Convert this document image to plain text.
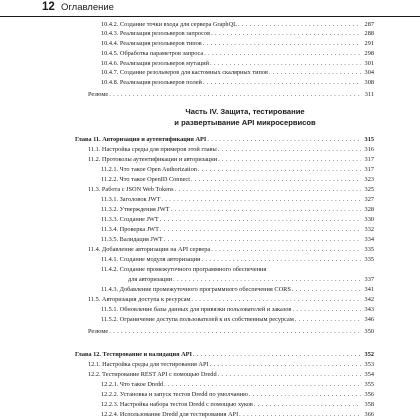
12 Оглавление
10.4.2. Создание точки входа для сервера GraphQL . . .	287
10.4.3. Реализация резольверов запросов . . .	288
10.4.4. Реализация резольверов типов . . .	291
10.4.5. Обработка параметров запроса . . .	298
10.4.6. Реализация резольверов мутаций . . .	301
10.4.7. Создание резольверов для кастомных скалярных типов . . .	304
10.4.8. Реализация резольверов полей . . .	308
Резюме . . .	311
Часть IV. Защита, тестирование
и развертывание API микросервисов
Глава 11. Авторизация и аутентификация API . . .	315
11.1. Настройка среды для примеров этой главы . . .	316
11.2. Протоколы аутентификации и авторизации . . .	317
11.2.1. Что такое Open Authorization . . .	317
11.2.2. Что такое OpenID Connect . . .	323
11.3. Работа с JSON Web Tokens . . .	325
11.3.1. Заголовок JWT . . .	327
11.3.2. Утверждения JWT . . .	328
11.3.3. Создание JWT . . .	330
11.3.4. Проверка JWT . . .	332
11.3.5. Валидация JWT . . .	334
11.4. Добавление авторизации на API сервера . . .	335
11.4.1. Создание модуля авторизации . . .	335
11.4.2. Создание промежуточного программного обеспечения
для авторизации . . .	337
11.4.3. Добавление промежуточного программного обеспечения CORS . . .	341
11.5. Авторизация доступа к ресурсам . . .	342
11.5.1. Обновление базы данных для привязки пользователей и заказов . . .	343
11.5.2. Ограничение доступа пользователей к их собственным ресурсам . . .	346
Резюме . . .	350
Глава 12. Тестирование и валидация API . . .	352
12.1. Настройка среды для тестирования API . . .	353
12.2. Тестирование REST API с помощью Dredd . . .	354
12.2.1. Что такое Dredd . . .	355
12.2.2. Установка и запуск тестов Dredd по умолчанию . . .	356
12.2.3. Настройка набора тестов Dredd с помощью хуков . . .	358
12.2.4. Использование Dredd для тестирования API . . .	366
